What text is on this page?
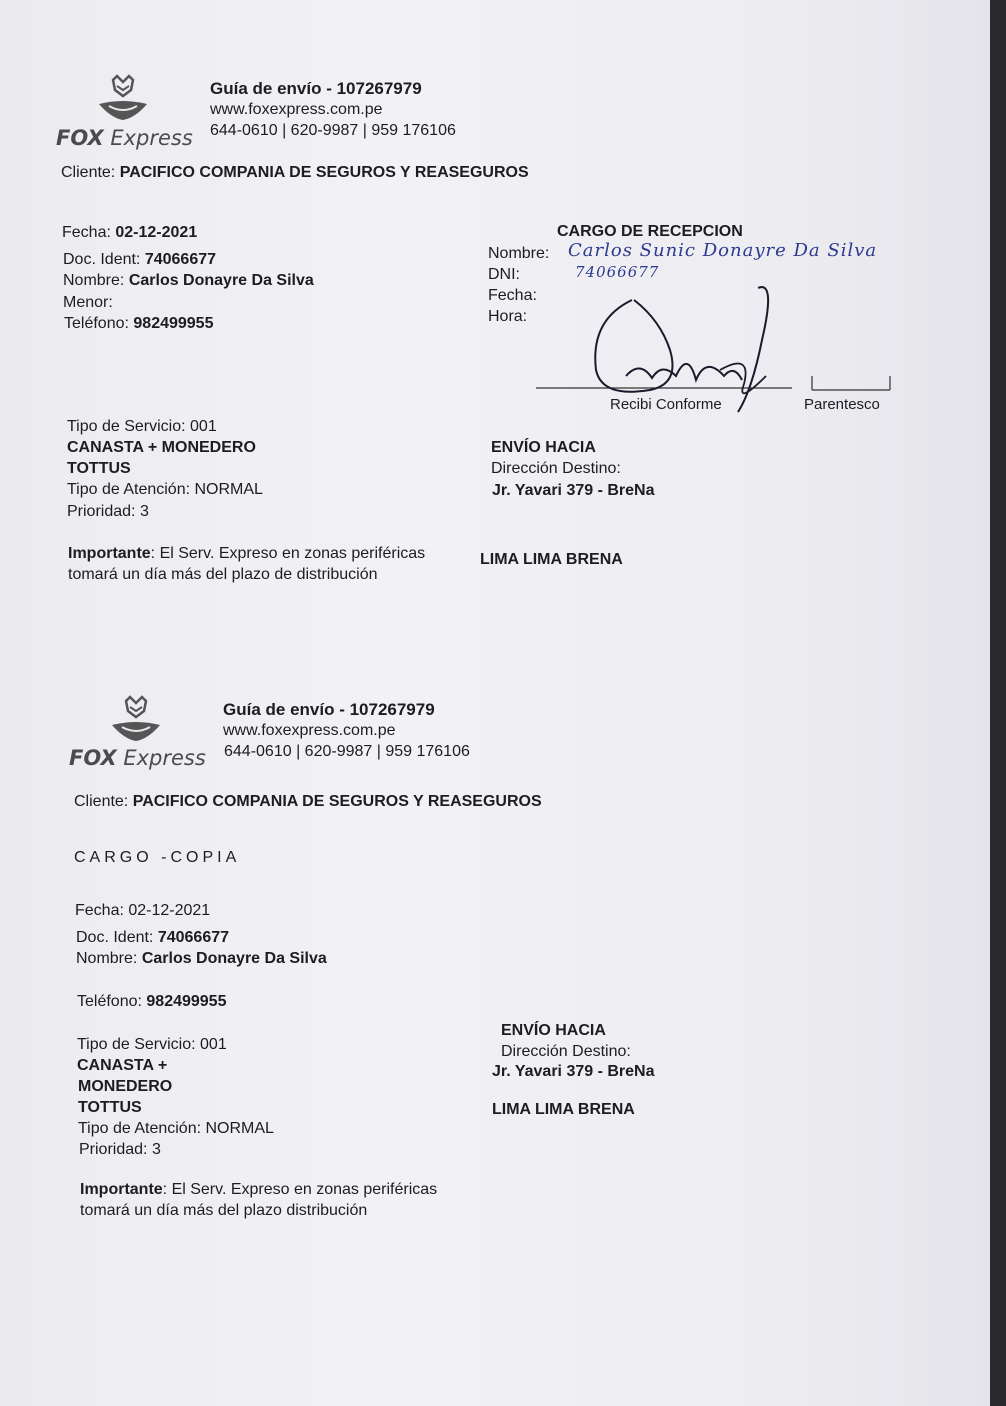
FOX Express
Guía de envío - 107267979
www.foxexpress.com.pe
644-0610 | 620-9987 | 959 176106
Cliente: PACIFICO COMPANIA DE SEGUROS Y REASEGUROS
Fecha: 02-12-2021
Doc. Ident: 74066677
Nombre: Carlos Donayre Da Silva
Menor:
Teléfono: 982499955
CARGO DE RECEPCION
Nombre: Carlos Sunic Donayre Da Silva
DNI:	74066677
Fecha:
Hora:
Recibi Conforme	Parentesco
Tipo de Servicio: 001
CANASTA + MONEDERO
TOTTUS
Tipo de Atención: NORMAL
Prioridad: 3
ENVÍO HACIA
Dirección Destino:
Jr. Yavari 379 - BreNa
Importante: El Serv. Expreso en zonas periféricas
tomará un día más del plazo de distribución
LIMA LIMA BRENA
FOX Express
Guía de envío - 107267979
www.foxexpress.com.pe
644-0610 | 620-9987 | 959 176106
Cliente: PACIFICO COMPANIA DE SEGUROS Y REASEGUROS
CARGO -COPIA
Fecha: 02-12-2021
Doc. Ident: 74066677
Nombre: Carlos Donayre Da Silva
Teléfono: 982499955
Tipo de Servicio: 001
CANASTA +
MONEDERO
TOTTUS
Tipo de Atención: NORMAL
Prioridad: 3
ENVÍO HACIA
Dirección Destino:
Jr. Yavari 379 - BreNa
LIMA LIMA BRENA
Importante: El Serv. Expreso en zonas periféricas
tomará un día más del plazo distribución
